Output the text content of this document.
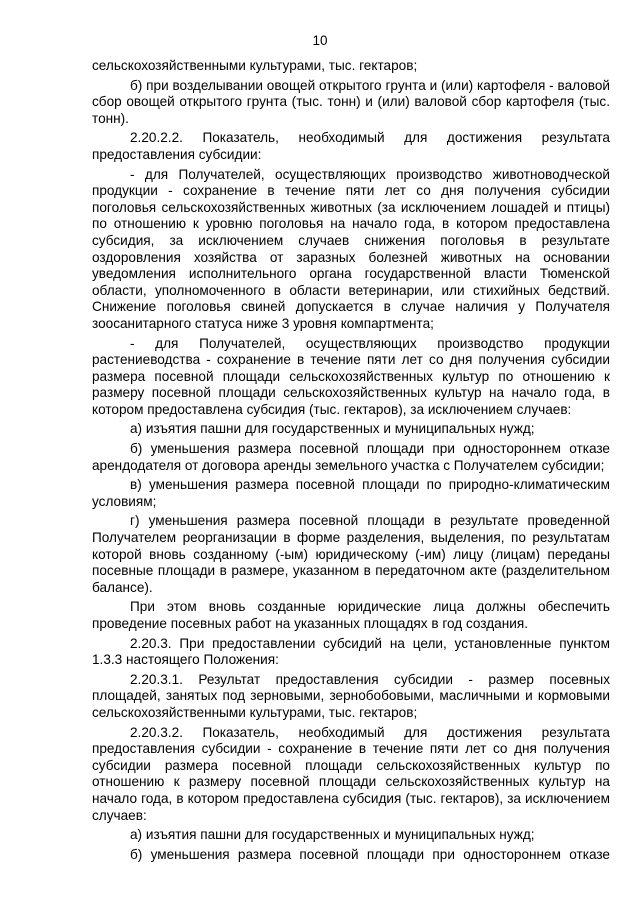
10

сельскохозяйственными культурами, тыс. гектаров;

б) при возделывании овощей открытого грунта и (или) картофеля - валовой сбор овощей открытого грунта (тыс. тонн) и (или) валовой сбор картофеля (тыс. тонн).

2.20.2.2. Показатель, необходимый для достижения результата предоставления субсидии:

- для Получателей, осуществляющих производство животноводческой продукции - сохранение в течение пяти лет со дня получения субсидии поголовья сельскохозяйственных животных (за исключением лошадей и птицы) по отношению к уровню поголовья на начало года, в котором предоставлена субсидия, за исключением случаев снижения поголовья в результате оздоровления хозяйства от заразных болезней животных на основании уведомления исполнительного органа государственной власти Тюменской области, уполномоченного в области ветеринарии, или стихийных бедствий. Снижение поголовья свиней допускается в случае наличия у Получателя зоосанитарного статуса ниже 3 уровня компартмента;

- для Получателей, осуществляющих производство продукции растениеводства - сохранение в течение пяти лет со дня получения субсидии размера посевной площади сельскохозяйственных культур по отношению к размеру посевной площади сельскохозяйственных культур на начало года, в котором предоставлена субсидия (тыс. гектаров), за исключением случаев:

а) изъятия пашни для государственных и муниципальных нужд;

б) уменьшения размера посевной площади при одностороннем отказе арендодателя от договора аренды земельного участка с Получателем субсидии;

в) уменьшения размера посевной площади по природно-климатическим условиям;

г) уменьшения размера посевной площади в результате проведенной Получателем реорганизации в форме разделения, выделения, по результатам которой вновь созданному (-ым) юридическому (-им) лицу (лицам) переданы посевные площади в размере, указанном в передаточном акте (разделительном балансе).

При этом вновь созданные юридические лица должны обеспечить проведение посевных работ на указанных площадях в год создания.

2.20.3. При предоставлении субсидий на цели, установленные пунктом 1.3.3 настоящего Положения:

2.20.3.1. Результат предоставления субсидии - размер посевных площадей, занятых под зерновыми, зернобобовыми, масличными и кормовыми сельскохозяйственными культурами, тыс. гектаров;

2.20.3.2. Показатель, необходимый для достижения результата предоставления субсидии - сохранение в течение пяти лет со дня получения субсидии размера посевной площади сельскохозяйственных культур по отношению к размеру посевной площади сельскохозяйственных культур на начало года, в котором предоставлена субсидия (тыс. гектаров), за исключением случаев:

а) изъятия пашни для государственных и муниципальных нужд;

б) уменьшения размера посевной площади при одностороннем отказе
